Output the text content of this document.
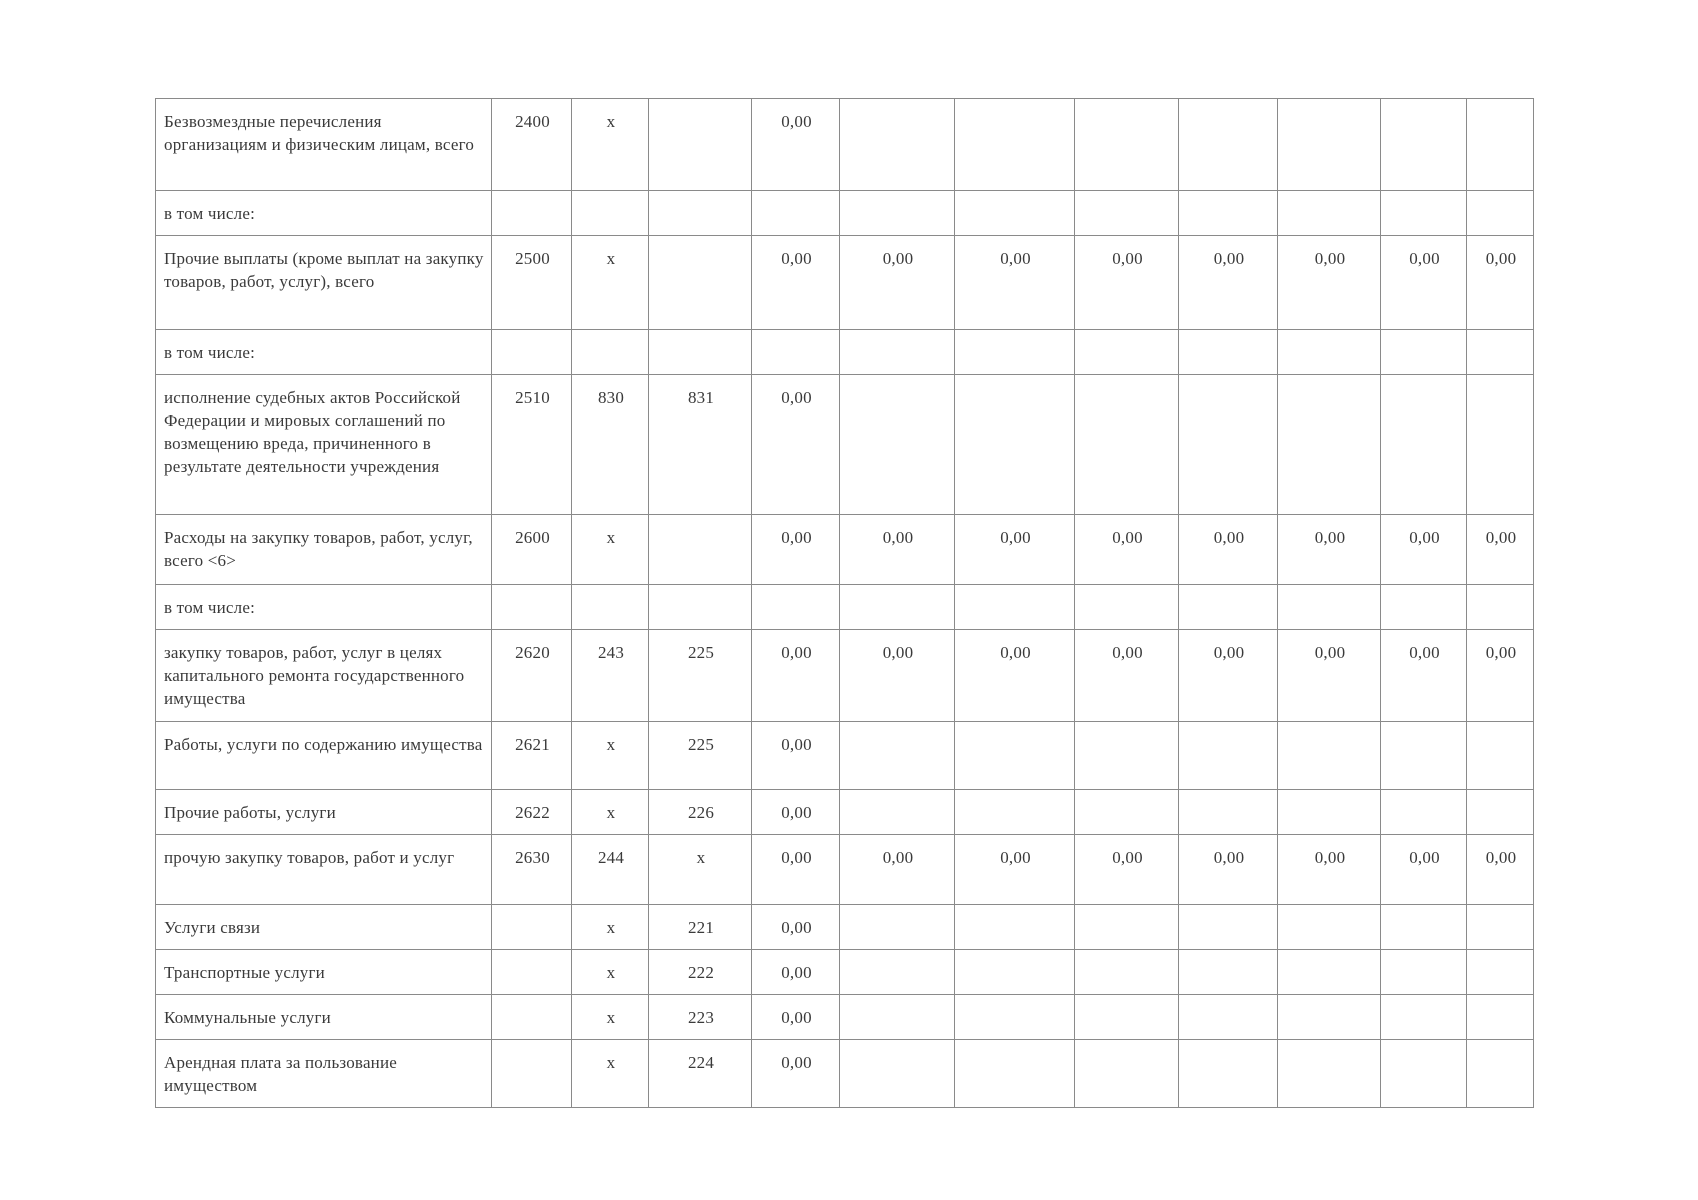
Безвозмездные перечисления организациям и физическим лицам, всего	2400	х		0,00							
в том числе:											
Прочие выплаты (кроме выплат на закупку товаров, работ, услуг), всего	2500	х		0,00	0,00	0,00	0,00	0,00	0,00	0,00	0,00
в том числе:											
исполнение судебных актов Российской Федерации и мировых соглашений по возмещению вреда, причиненного в результате деятельности учреждения	2510	830	831	0,00							
Расходы на закупку товаров, работ, услуг, всего <6>	2600	х		0,00	0,00	0,00	0,00	0,00	0,00	0,00	0,00
в том числе:											
закупку товаров, работ, услуг в целях капитального ремонта государственного имущества	2620	243	225	0,00	0,00	0,00	0,00	0,00	0,00	0,00	0,00
Работы, услуги по содержанию имущества	2621	х	225	0,00							
Прочие работы, услуги	2622	х	226	0,00							
прочую закупку товаров, работ и услуг	2630	244	х	0,00	0,00	0,00	0,00	0,00	0,00	0,00	0,00
Услуги связи		х	221	0,00							
Транспортные услуги		х	222	0,00							
Коммунальные услуги		х	223	0,00							
Арендная плата за пользование имуществом		х	224	0,00							
